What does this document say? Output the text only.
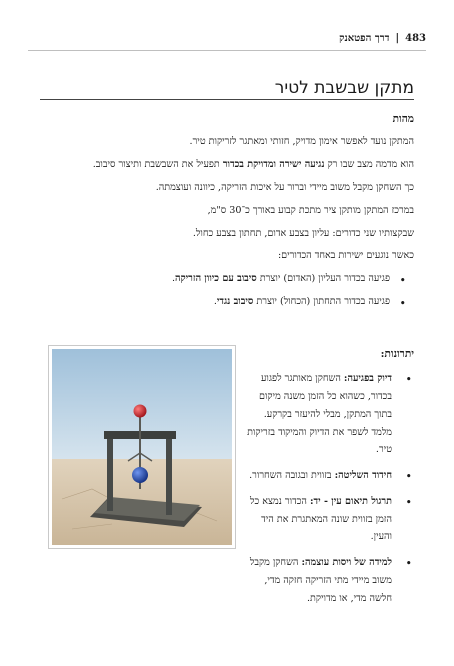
483
|
דרך הפטאנק
מתקן שבשבת לטיר
מהות

המתקן נועד לאפשר אימון מדויק, חזותי ומאתגר לזריקות טיר.

הוא מדמה מצב שבו רק נגיעה ישירה ומדויקת בכדור תפעיל את השבשבת ותיצור סיבוב.

כך השחקן מקבל משוב מיידי וברור על איכות הזריקה, כיוונה ועוצמתה.

במרכז המתקן מותקן ציר מתכת קבוע באורך כ־30 ס"מ,

שבקצותיו שני כדורים: עליון בצבע אדום, תחתון בצבע כחול.

כאשר נוגעים ישירות באחד הכדורים:

• פגיעה בכדור העליון (האדום) יוצרת סיבוב עם כיוון הזריקה.
• פגיעה בכדור התחתון (הכחול) יוצרת סיבוב נגדי.
יתרונות:
• דיוק בפגיעה: השחקן מאותגר לפגוע בכדור, כשהוא כל הזמן משנה מיקום בתוך המתקן, מבלי להיעזר בקרקע. מלמד לשפר את הדיוק והמיקוד בזריקות טיר.
• חידוד השליטה: בזווית ובגובה השחרור.
• תרגול תיאום עין - יד: הכדור נמצא כל הזמן בזווית שונה המאתגרת את היד והעין.
• למידה של ויסות עוצמה: השחקן מקבל משוב מיידי מתי הזריקה חזקה מדי, חלשה מדי, או מדויקת.
